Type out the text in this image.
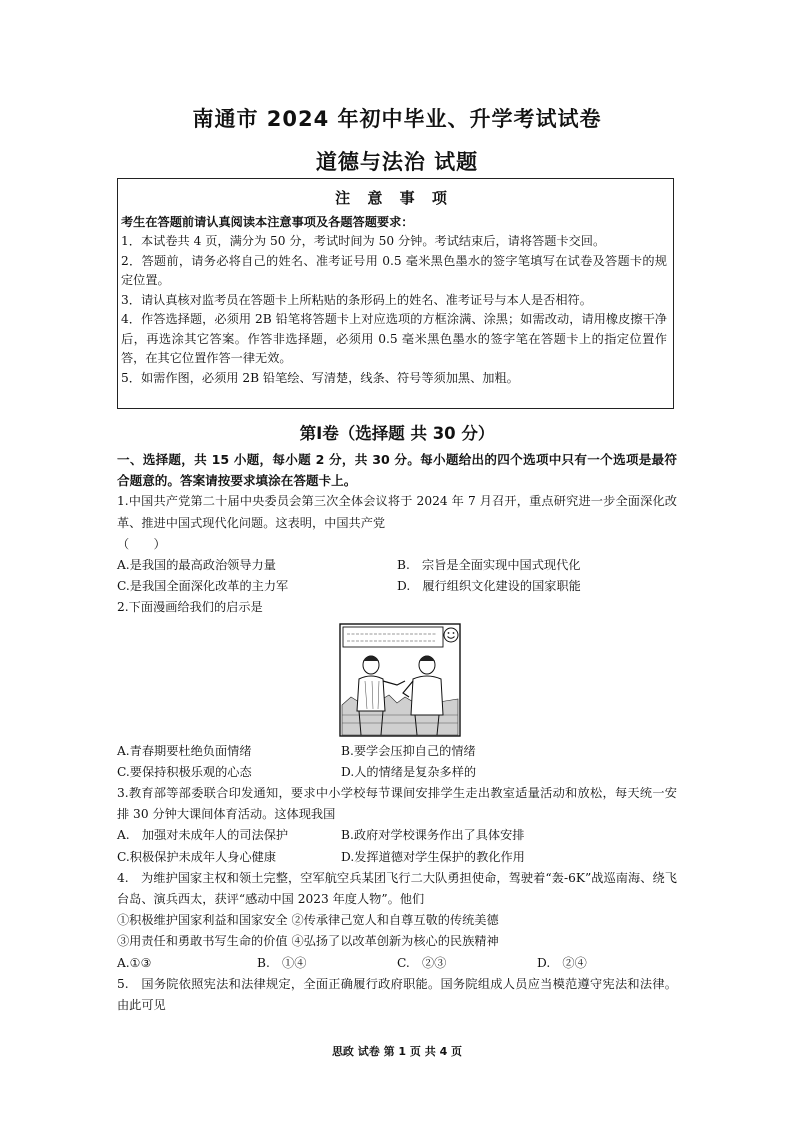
南通市 2024 年初中毕业、升学考试试卷
道德与法治 试题
注 意 事 项

考生在答题前请认真阅读本注意事项及各题答题要求：

1．本试卷共 4 页，满分为 50 分，考试时间为 50 分钟。考试结束后，请将答题卡交回。

2．答题前，请务必将自己的姓名、准考证号用 0.5 毫米黑色墨水的签字笔填写在试卷及答题卡的规定位置。

3．请认真核对监考员在答题卡上所粘贴的条形码上的姓名、准考证号与本人是否相符。

4．作答选择题，必须用 2B 铅笔将答题卡上对应选项的方框涂满、涂黑；如需改动，请用橡皮擦干净后，再选涂其它答案。作答非选择题，必须用 0.5 毫米黑色墨水的签字笔在答题卡上的指定位置作答，在其它位置作答一律无效。

5．如需作图，必须用 2B 铅笔绘、写清楚，线条、符号等须加黑、加粗。

第Ⅰ卷（选择题 共 30 分）

一、选择题，共 15 小题，每小题 2 分，共 30 分。每小题给出的四个选项中只有一个选项是最符合题意的。答案请按要求填涂在答题卡上。

1.中国共产党第二十届中央委员会第三次全体会议将于 2024 年 7 月召开，重点研究进一步全面深化改革、推进中国式现代化问题。这表明，中国共产党

（　　）

A.是我国的最高政治领导力量	B.　宗旨是全面实现中国式现代化
C.是我国全面深化改革的主力军	D.　履行组织文化建设的国家职能

2.下面漫画给我们的启示是

A.青春期要杜绝负面情绪	B.要学会压抑自己的情绪
C.要保持积极乐观的心态	D.人的情绪是复杂多样的

3.教育部等部委联合印发通知，要求中小学校每节课间安排学生走出教室适量活动和放松，每天统一安排 30 分钟大课间体育活动。这体现我国

A.　加强对未成年人的司法保护	B.政府对学校课务作出了具体安排
C.积极保护未成年人身心健康	D.发挥道德对学生保护的教化作用

4.　为维护国家主权和领土完整，空军航空兵某团飞行二大队勇担使命，驾驶着“轰-6K”战巡南海、绕飞台岛、演兵西太，获评“感动中国 2023 年度人物”。他们

①积极维护国家利益和国家安全 ②传承律己宽人和自尊互敬的传统美德

③用责任和勇敢书写生命的价值 ④弘扬了以改革创新为核心的民族精神

A.①③	B.　①④	C.　②③	D.　②④

5.　国务院依照宪法和法律规定，全面正确履行政府职能。国务院组成人员应当模范遵守宪法和法律。由此可见

思政 试卷 第 1 页 共 4 页
